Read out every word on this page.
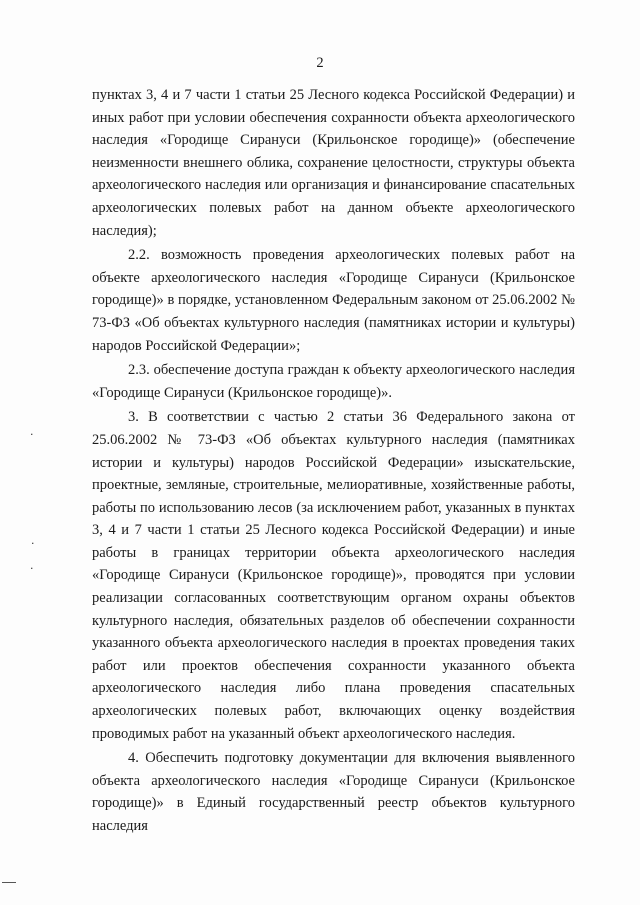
2

пунктах 3, 4 и 7 части 1 статьи 25 Лесного кодекса Российской Федерации) и иных работ при условии обеспечения сохранности объекта археологического наследия «Городище Сирануси (Крильонское городище)» (обеспечение неизменности внешнего облика, сохранение целостности, структуры объекта археологического наследия или организация и финансирование спасательных археологических полевых работ на данном объекте археологического наследия);

2.2. возможность проведения археологических полевых работ на объекте археологического наследия «Городище Сирануси (Крильонское городище)» в порядке, установленном Федеральным законом от 25.06.2002 № 73-ФЗ «Об объектах культурного наследия (памятниках истории и культуры) народов Российской Федерации»;

2.3. обеспечение доступа граждан к объекту археологического наследия «Городище Сирануси (Крильонское городище)».

3. В соответствии с частью 2 статьи 36 Федерального закона от 25.06.2002 № 73-ФЗ «Об объектах культурного наследия (памятниках истории и культуры) народов Российской Федерации» изыскательские, проектные, земляные, строительные, мелиоративные, хозяйственные работы, работы по использованию лесов (за исключением работ, указанных в пунктах 3, 4 и 7 части 1 статьи 25 Лесного кодекса Российской Федерации) и иные работы в границах территории объекта археологического наследия «Городище Сирануси (Крильонское городище)», проводятся при условии реализации согласованных соответствующим органом охраны объектов культурного наследия, обязательных разделов об обеспечении сохранности указанного объекта археологического наследия в проектах проведения таких работ или проектов обеспечения сохранности указанного объекта археологического наследия либо плана проведения спасательных археологических полевых работ, включающих оценку воздействия проводимых работ на указанный объект археологического наследия.

4. Обеспечить подготовку документации для включения выявленного объекта археологического наследия «Городище Сирануси (Крильонское городище)» в Единый государственный реестр объектов культурного наследия

·
·
·
